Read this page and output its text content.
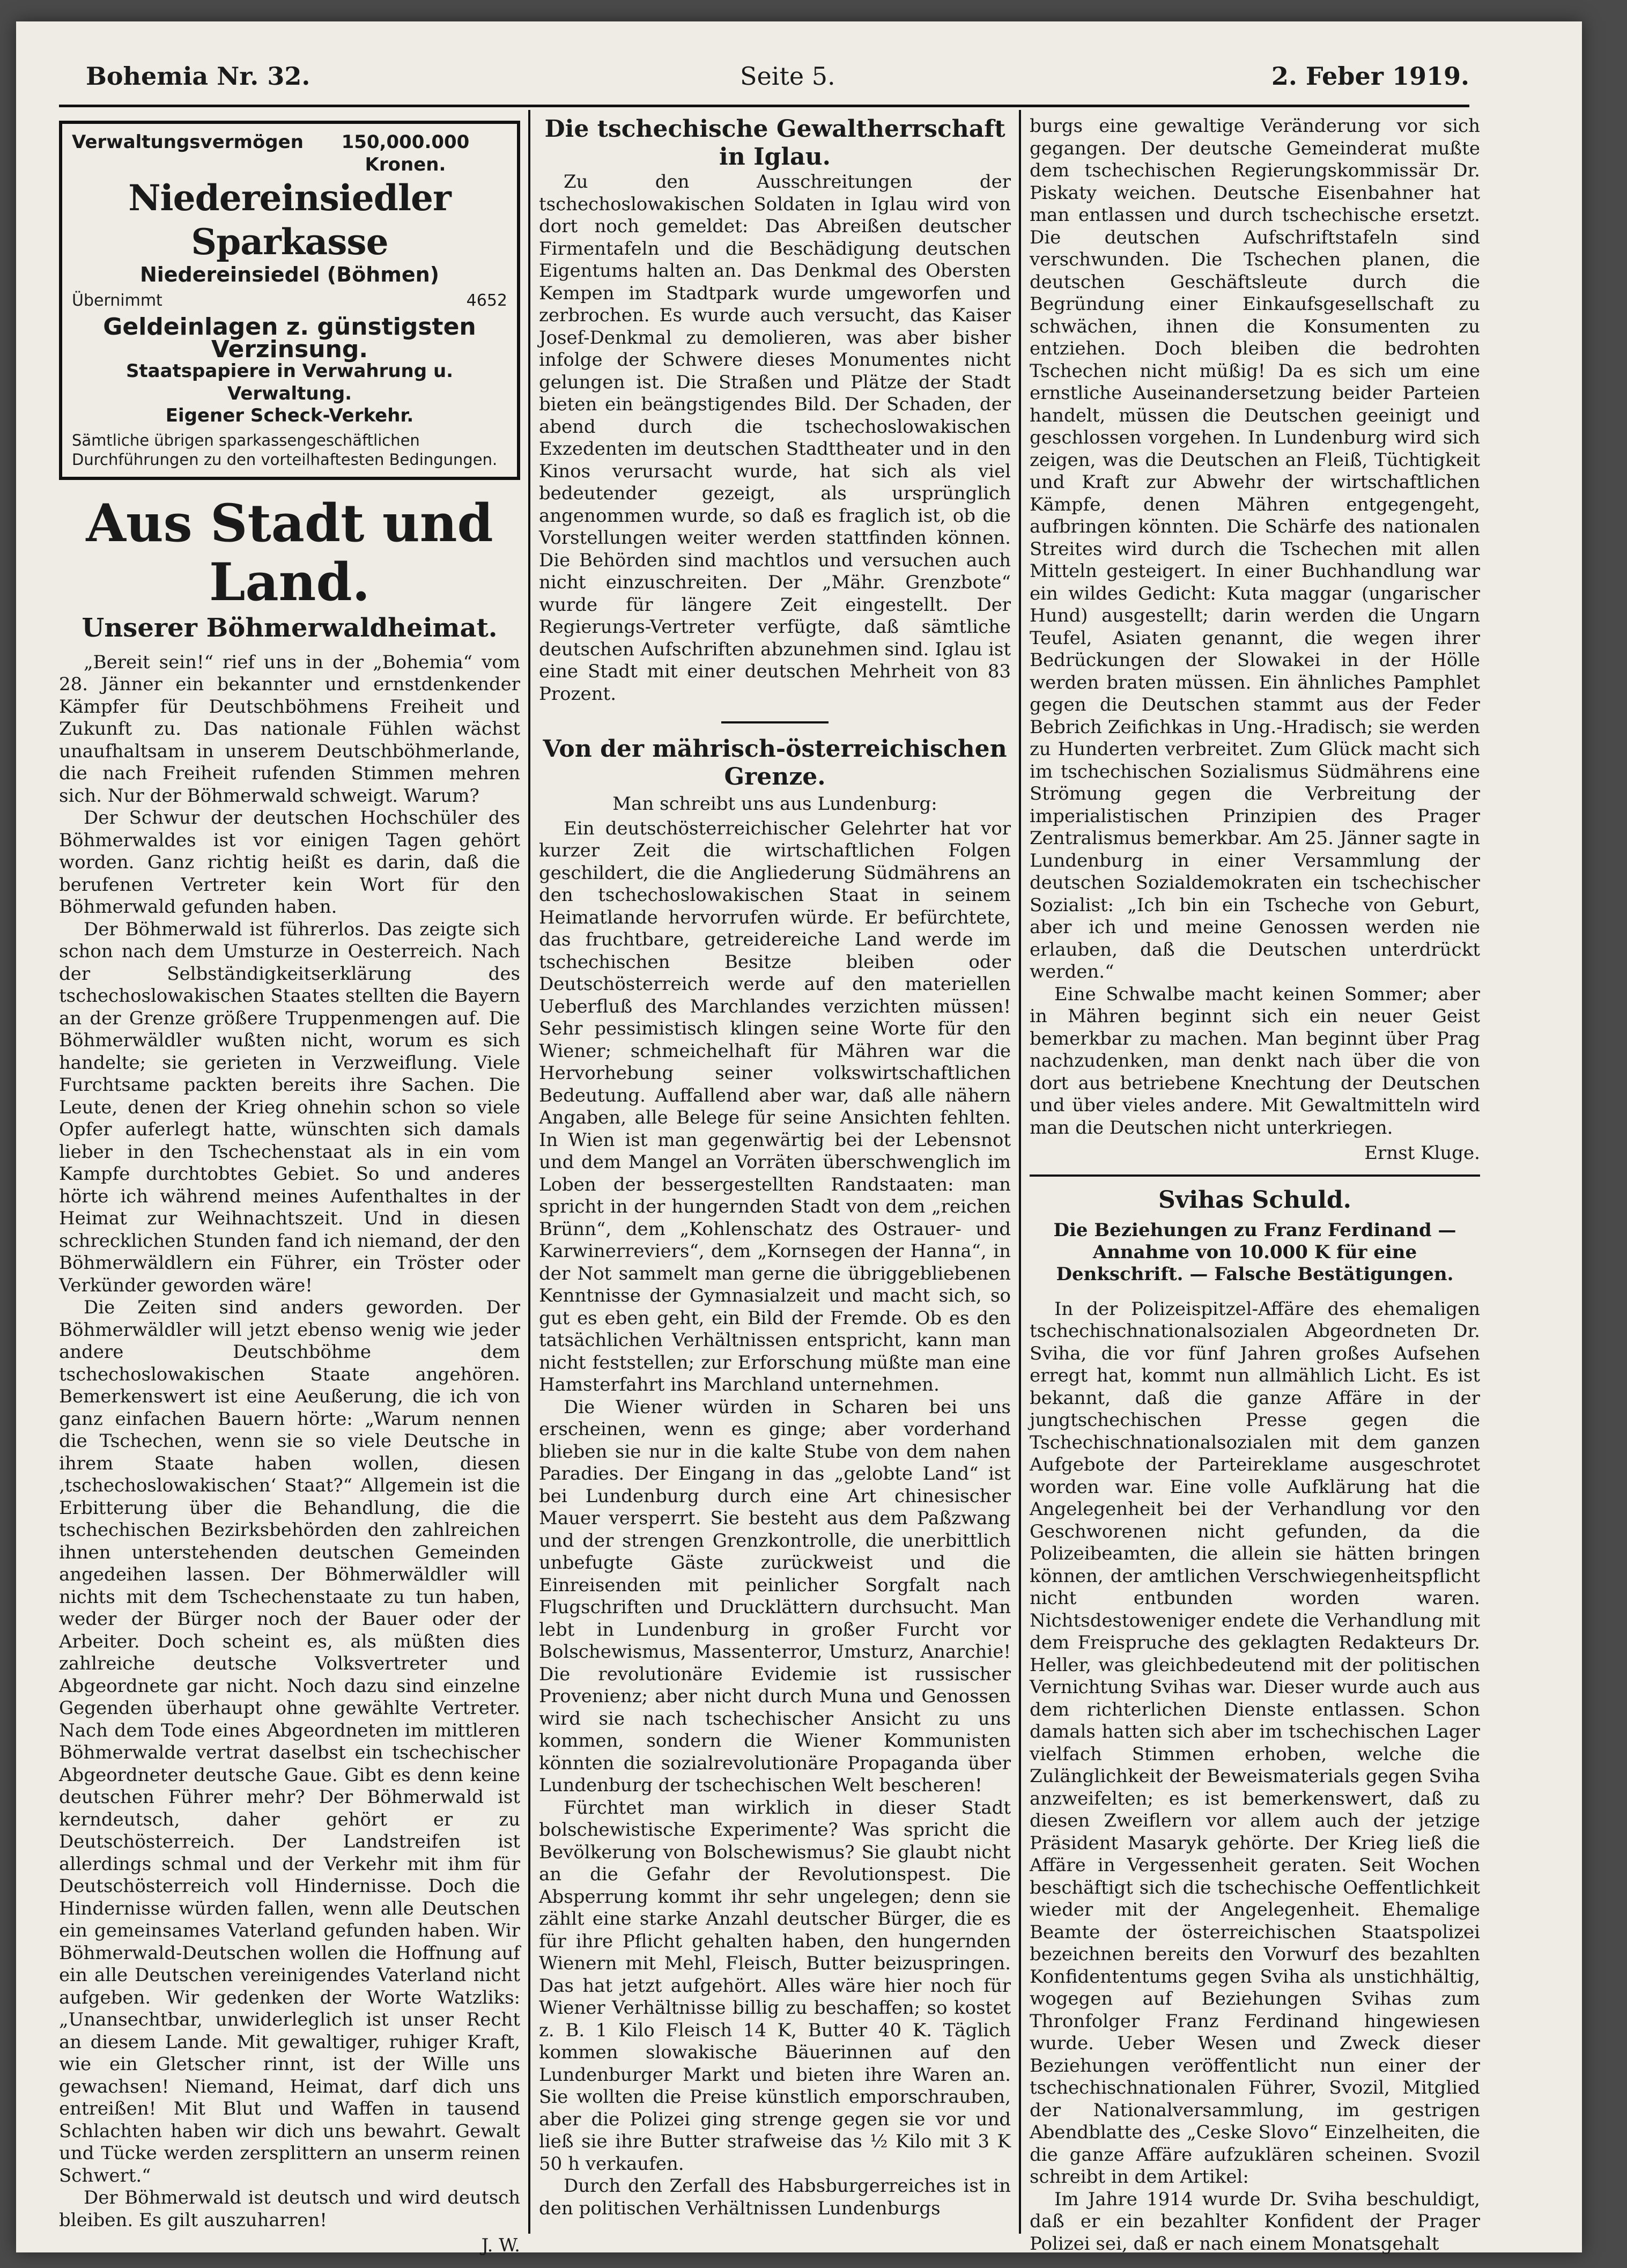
Bohemia Nr. 32.	Seite 5.	2. Feber 1919.
Verwaltungsvermögen	150,000.000 Kronen.
Niedereinsiedler Sparkasse
Niedereinsiedel (Böhmen)
Übernimmt	4652
Geldeinlagen z. günstigsten Verzinsung.
Staatspapiere in Verwahrung u. Verwaltung.
Eigener Scheck-Verkehr.
Sämtliche übrigen sparkassengeschäftlichen Durchführungen zu den vorteilhaftesten Bedingungen.
Aus Stadt und Land.
Unserer Böhmerwaldheimat.

„Bereit sein!“ rief uns in der „Bohemia“ vom 28. Jänner ein bekannter und ernstdenkender Kämpfer für Deutschböhmens Freiheit und Zukunft zu. Das nationale Fühlen wächst unaufhaltsam in unserem Deutschböhmerlande, die nach Freiheit rufenden Stimmen mehren sich. Nur der Böhmerwald schweigt. Warum?

Der Schwur der deutschen Hochschüler des Böhmerwaldes ist vor einigen Tagen gehört worden. Ganz richtig heißt es darin, daß die berufenen Vertreter kein Wort für den Böhmerwald gefunden haben.

Der Böhmerwald ist führerlos. Das zeigte sich schon nach dem Umsturze in Oesterreich. Nach der Selbständigkeitserklärung des tschechoslowakischen Staates stellten die Bayern an der Grenze größere Truppenmengen auf. Die Böhmerwäldler wußten nicht, worum es sich handelte; sie gerieten in Verzweiflung. Viele Furchtsame packten bereits ihre Sachen. Die Leute, denen der Krieg ohnehin schon so viele Opfer auferlegt hatte, wünschten sich damals lieber in den Tschechenstaat als in ein vom Kampfe durchtobtes Gebiet. So und anderes hörte ich während meines Aufenthaltes in der Heimat zur Weihnachtszeit. Und in diesen schrecklichen Stunden fand ich niemand, der den Böhmerwäldlern ein Führer, ein Tröster oder Verkünder geworden wäre!

Die Zeiten sind anders geworden. Der Böhmerwäldler will jetzt ebenso wenig wie jeder andere Deutschböhme dem tschechoslowakischen Staate angehören. Bemerkenswert ist eine Aeußerung, die ich von ganz einfachen Bauern hörte: „Warum nennen die Tschechen, wenn sie so viele Deutsche in ihrem Staate haben wollen, diesen ‚tschechoslowakischen‘ Staat?“ Allgemein ist die Erbitterung über die Behandlung, die die tschechischen Bezirksbehörden den zahlreichen ihnen unterstehenden deutschen Gemeinden angedeihen lassen. Der Böhmerwäldler will nichts mit dem Tschechenstaate zu tun haben, weder der Bürger noch der Bauer oder der Arbeiter. Doch scheint es, als müßten dies zahlreiche deutsche Volksvertreter und Abgeordnete gar nicht. Noch dazu sind einzelne Gegenden überhaupt ohne gewählte Vertreter. Nach dem Tode eines Abgeordneten im mittleren Böhmerwalde vertrat daselbst ein tschechischer Abgeordneter deutsche Gaue. Gibt es denn keine deutschen Führer mehr? Der Böhmerwald ist kerndeutsch, daher gehört er zu Deutschösterreich. Der Landstreifen ist allerdings schmal und der Verkehr mit ihm für Deutschösterreich voll Hindernisse. Doch die Hindernisse würden fallen, wenn alle Deutschen ein gemeinsames Vaterland gefunden haben. Wir Böhmerwald-Deutschen wollen die Hoffnung auf ein alle Deutschen vereinigendes Vaterland nicht aufgeben. Wir gedenken der Worte Watzliks: „Unansechtbar, unwiderleglich ist unser Recht an diesem Lande. Mit gewaltiger, ruhiger Kraft, wie ein Gletscher rinnt, ist der Wille uns gewachsen! Niemand, Heimat, darf dich uns entreißen! Mit Blut und Waffen in tausend Schlachten haben wir dich uns bewahrt. Gewalt und Tücke werden zersplittern an unserm reinen Schwert.“

Der Böhmerwald ist deutsch und wird deutsch bleiben. Es gilt auszuharren!

J. W.

Die tschechische Gewaltherrschaft in Iglau.

Zu den Ausschreitungen der tschechoslowakischen Soldaten in Iglau wird von dort noch gemeldet: Das Abreißen deutscher Firmentafeln und die Beschädigung deutschen Eigentums halten an. Das Denkmal des Obersten Kempen im Stadtpark wurde umgeworfen und zerbrochen. Es wurde auch versucht, das Kaiser Josef-Denkmal zu demolieren, was aber bisher infolge der Schwere dieses Monumentes nicht gelungen ist. Die Straßen und Plätze der Stadt bieten ein beängstigendes Bild. Der Schaden, der abend durch die tschechoslowakischen Exzedenten im deutschen Stadttheater und in den Kinos verursacht wurde, hat sich als viel bedeutender gezeigt, als ursprünglich angenommen wurde, so daß es fraglich ist, ob die Vorstellungen weiter werden stattfinden können. Die Behörden sind machtlos und versuchen auch nicht einzuschreiten. Der „Mähr. Grenzbote“ wurde für längere Zeit eingestellt. Der Regierungs-Vertreter verfügte, daß sämtliche deutschen Aufschriften abzunehmen sind. Iglau ist eine Stadt mit einer deutschen Mehrheit von 83 Prozent.

Von der mährisch-österreichischen Grenze.

Man schreibt uns aus Lundenburg:

Ein deutschösterreichischer Gelehrter hat vor kurzer Zeit die wirtschaftlichen Folgen geschildert, die die Angliederung Südmährens an den tschechoslowakischen Staat in seinem Heimatlande hervorrufen würde. Er befürchtete, das fruchtbare, getreidereiche Land werde im tschechischen Besitze bleiben oder Deutschösterreich werde auf den materiellen Ueberfluß des Marchlandes verzichten müssen! Sehr pessimistisch klingen seine Worte für den Wiener; schmeichelhaft für Mähren war die Hervorhebung seiner volkswirtschaftlichen Bedeutung. Auffallend aber war, daß alle nähern Angaben, alle Belege für seine Ansichten fehlten. In Wien ist man gegenwärtig bei der Lebensnot und dem Mangel an Vorräten überschwenglich im Loben der bessergestellten Randstaaten: man spricht in der hungernden Stadt von dem „reichen Brünn“, dem „Kohlenschatz des Ostrauer- und Karwinerreviers“, dem „Kornsegen der Hanna“, in der Not sammelt man gerne die übriggebliebenen Kenntnisse der Gymnasialzeit und macht sich, so gut es eben geht, ein Bild der Fremde. Ob es den tatsächlichen Verhältnissen entspricht, kann man nicht feststellen; zur Erforschung müßte man eine Hamsterfahrt ins Marchland unternehmen.

Die Wiener würden in Scharen bei uns erscheinen, wenn es ginge; aber vorderhand blieben sie nur in die kalte Stube von dem nahen Paradies. Der Eingang in das „gelobte Land“ ist bei Lundenburg durch eine Art chinesischer Mauer versperrt. Sie besteht aus dem Paßzwang und der strengen Grenzkontrolle, die unerbittlich unbefugte Gäste zurückweist und die Einreisenden mit peinlicher Sorgfalt nach Flugschriften und Drucklättern durchsucht. Man lebt in Lundenburg in großer Furcht vor Bolschewismus, Massenterror, Umsturz, Anarchie! Die revolutionäre Evidemie ist russischer Provenienz; aber nicht durch Muna und Genossen wird sie nach tschechischer Ansicht zu uns kommen, sondern die Wiener Kommunisten könnten die sozialrevolutionäre Propaganda über Lundenburg der tschechischen Welt bescheren!

Fürchtet man wirklich in dieser Stadt bolschewistische Experimente? Was spricht die Bevölkerung von Bolschewismus? Sie glaubt nicht an die Gefahr der Revolutionspest. Die Absperrung kommt ihr sehr ungelegen; denn sie zählt eine starke Anzahl deutscher Bürger, die es für ihre Pflicht gehalten haben, den hungernden Wienern mit Mehl, Fleisch, Butter beizuspringen. Das hat jetzt aufgehört. Alles wäre hier noch für Wiener Verhältnisse billig zu beschaffen; so kostet z. B. 1 Kilo Fleisch 14 K, Butter 40 K. Täglich kommen slowakische Bäuerinnen auf den Lundenburger Markt und bieten ihre Waren an. Sie wollten die Preise künstlich emporschrauben, aber die Polizei ging strenge gegen sie vor und ließ sie ihre Butter strafweise das ½ Kilo mit 3 K 50 h verkaufen.

Durch den Zerfall des Habsburgerreiches ist in den politischen Verhältnissen Lundenburgs

burgs eine gewaltige Veränderung vor sich gegangen. Der deutsche Gemeinderat mußte dem tschechischen Regierungskommissär Dr. Piskaty weichen. Deutsche Eisenbahner hat man entlassen und durch tschechische ersetzt. Die deutschen Aufschriftstafeln sind verschwunden. Die Tschechen planen, die deutschen Geschäftsleute durch die Begründung einer Einkaufsgesellschaft zu schwächen, ihnen die Konsumenten zu entziehen. Doch bleiben die bedrohten Tschechen nicht müßig! Da es sich um eine ernstliche Auseinandersetzung beider Parteien handelt, müssen die Deutschen geeinigt und geschlossen vorgehen. In Lundenburg wird sich zeigen, was die Deutschen an Fleiß, Tüchtigkeit und Kraft zur Abwehr der wirtschaftlichen Kämpfe, denen Mähren entgegengeht, aufbringen könnten. Die Schärfe des nationalen Streites wird durch die Tschechen mit allen Mitteln gesteigert. In einer Buchhandlung war ein wildes Gedicht: Kuta maggar (ungarischer Hund) ausgestellt; darin werden die Ungarn Teufel, Asiaten genannt, die wegen ihrer Bedrückungen der Slowakei in der Hölle werden braten müssen. Ein ähnliches Pamphlet gegen die Deutschen stammt aus der Feder Bebrich Zeifichkas in Ung.-Hradisch; sie werden zu Hunderten verbreitet. Zum Glück macht sich im tschechischen Sozialismus Südmährens eine Strömung gegen die Verbreitung der imperialistischen Prinzipien des Prager Zentralismus bemerkbar. Am 25. Jänner sagte in Lundenburg in einer Versammlung der deutschen Sozialdemokraten ein tschechischer Sozialist: „Ich bin ein Tscheche von Geburt, aber ich und meine Genossen werden nie erlauben, daß die Deutschen unterdrückt werden.“

Eine Schwalbe macht keinen Sommer; aber in Mähren beginnt sich ein neuer Geist bemerkbar zu machen. Man beginnt über Prag nachzudenken, man denkt nach über die von dort aus betriebene Knechtung der Deutschen und über vieles andere. Mit Gewaltmitteln wird man die Deutschen nicht unterkriegen.

Ernst Kluge.

Svihas Schuld.
Die Beziehungen zu Franz Ferdinand — Annahme von 10.000 K für eine Denkschrift. — Falsche Bestätigungen.

In der Polizeispitzel-Affäre des ehemaligen tschechischnationalsozialen Abgeordneten Dr. Sviha, die vor fünf Jahren großes Aufsehen erregt hat, kommt nun allmählich Licht. Es ist bekannt, daß die ganze Affäre in der jungtschechischen Presse gegen die Tschechischnationalsozialen mit dem ganzen Aufgebote der Parteireklame ausgeschrotet worden war. Eine volle Aufklärung hat die Angelegenheit bei der Verhandlung vor den Geschworenen nicht gefunden, da die Polizeibeamten, die allein sie hätten bringen können, der amtlichen Verschwiegenheitspflicht nicht entbunden worden waren. Nichtsdestoweniger endete die Verhandlung mit dem Freispruche des geklagten Redakteurs Dr. Heller, was gleichbedeutend mit der politischen Vernichtung Svihas war. Dieser wurde auch aus dem richterlichen Dienste entlassen. Schon damals hatten sich aber im tschechischen Lager vielfach Stimmen erhoben, welche die Zulänglichkeit der Beweismaterials gegen Sviha anzweifelten; es ist bemerkenswert, daß zu diesen Zweiflern vor allem auch der jetzige Präsident Masaryk gehörte. Der Krieg ließ die Affäre in Vergessenheit geraten. Seit Wochen beschäftigt sich die tschechische Oeffentlichkeit wieder mit der Angelegenheit. Ehemalige Beamte der österreichischen Staatspolizei bezeichnen bereits den Vorwurf des bezahlten Konfidententums gegen Sviha als unstichhältig, wogegen auf Beziehungen Svihas zum Thronfolger Franz Ferdinand hingewiesen wurde. Ueber Wesen und Zweck dieser Beziehungen veröffentlicht nun einer der tschechischnationalen Führer, Svozil, Mitglied der Nationalversammlung, im gestrigen Abendblatte des „Ceske Slovo“ Einzelheiten, die die ganze Affäre aufzuklären scheinen. Svozil schreibt in dem Artikel:

Im Jahre 1914 wurde Dr. Sviha beschuldigt, daß er ein bezahlter Konfident der Prager Polizei sei, daß er nach einem Monatsgehalt
